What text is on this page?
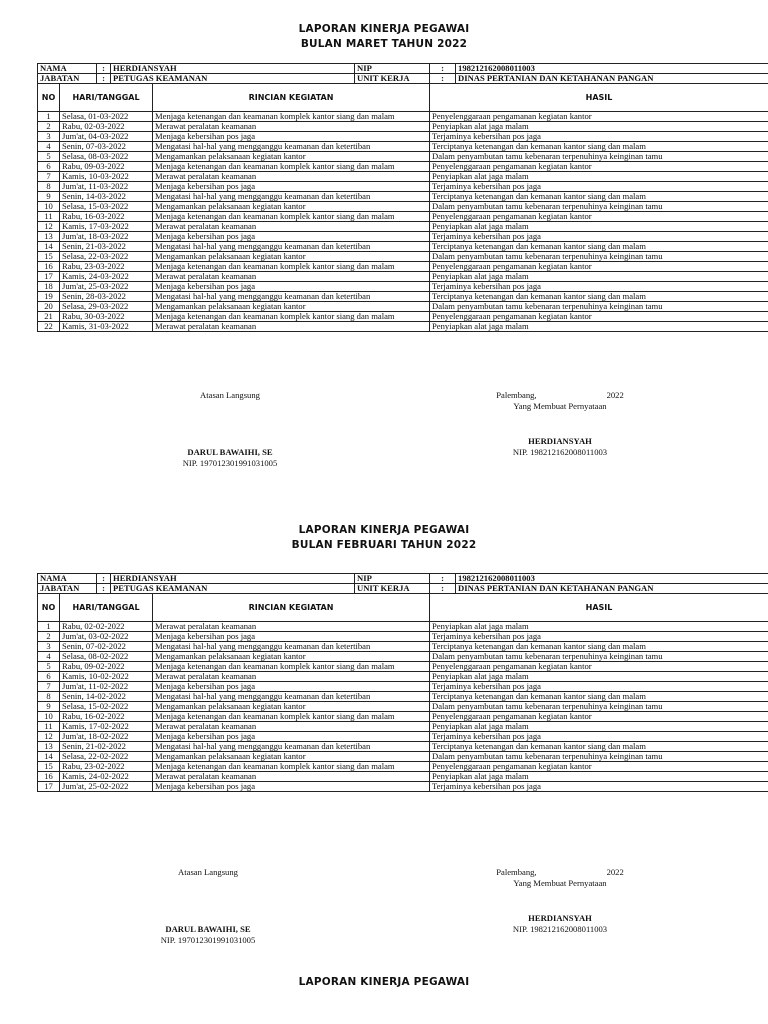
LAPORAN KINERJA PEGAWAI
BULAN MARET TAHUN 2022
NAMA		:	HERDIANSYAH		NIP	:	198212162008011003
JABATAN		:	PETUGAS KEAMANAN		UNIT KERJA	:	DINAS PERTANIAN DAN KETAHANAN PANGAN
NO	HARI/TANGGAL			RINCIAN KEGIATAN		HASIL	
1	Selasa, 01-03-2022			Menjaga ketenangan dan keamanan komplek kantor siang dan malam		Penyelenggaraan pengamanan kegiatan kantor	
2	Rabu, 02-03-2022			Merawat peralatan keamanan		Penyiapkan alat jaga malam	
3	Jum'at, 04-03-2022			Menjaga kebersihan pos jaga		Terjaminya kebersihan pos jaga	
4	Senin, 07-03-2022			Mengatasi hal-hal yang mengganggu keamanan dan ketertiban		Terciptanya ketenangan dan kemanan kantor siang dan malam	
5	Selasa, 08-03-2022			Mengamankan pelaksanaan kegiatan kantor		Dalam penyambutan tamu kebenaran terpenuhinya keinginan tamu	
6	Rabu, 09-03-2022			Menjaga ketenangan dan keamanan komplek kantor siang dan malam		Penyelenggaraan pengamanan kegiatan kantor	
7	Kamis, 10-03-2022			Merawat peralatan keamanan		Penyiapkan alat jaga malam	
8	Jum'at, 11-03-2022			Menjaga kebersihan pos jaga		Terjaminya kebersihan pos jaga	
9	Senin, 14-03-2022			Mengatasi hal-hal yang mengganggu keamanan dan ketertiban		Terciptanya ketenangan dan kemanan kantor siang dan malam	
10	Selasa, 15-03-2022			Mengamankan pelaksanaan kegiatan kantor		Dalam penyambutan tamu kebenaran terpenuhinya keinginan tamu	
11	Rabu, 16-03-2022			Menjaga ketenangan dan keamanan komplek kantor siang dan malam		Penyelenggaraan pengamanan kegiatan kantor	
12	Kamis, 17-03-2022			Merawat peralatan keamanan		Penyiapkan alat jaga malam	
13	Jum'at, 18-03-2022			Menjaga kebersihan pos jaga		Terjaminya kebersihan pos jaga	
14	Senin, 21-03-2022			Mengatasi hal-hal yang mengganggu keamanan dan ketertiban		Terciptanya ketenangan dan kemanan kantor siang dan malam	
15	Selasa, 22-03-2022			Mengamankan pelaksanaan kegiatan kantor		Dalam penyambutan tamu kebenaran terpenuhinya keinginan tamu	
16	Rabu, 23-03-2022			Menjaga ketenangan dan keamanan komplek kantor siang dan malam		Penyelenggaraan pengamanan kegiatan kantor	
17	Kamis, 24-03-2022			Merawat peralatan keamanan		Penyiapkan alat jaga malam	
18	Jum'at, 25-03-2022			Menjaga kebersihan pos jaga		Terjaminya kebersihan pos jaga	
19	Senin, 28-03-2022			Mengatasi hal-hal yang mengganggu keamanan dan ketertiban		Terciptanya ketenangan dan kemanan kantor siang dan malam	
20	Selasa, 29-03-2022			Mengamankan pelaksanaan kegiatan kantor		Dalam penyambutan tamu kebenaran terpenuhinya keinginan tamu	
21	Rabu, 30-03-2022			Menjaga ketenangan dan keamanan komplek kantor siang dan malam		Penyelenggaraan pengamanan kegiatan kantor	
22	Kamis, 31-03-2022			Merawat peralatan keamanan		Penyiapkan alat jaga malam	
Atasan Langsung
DARUL BAWAIHI, SE
NIP. 197012301991031005
Palembang,	2022
Yang Membuat Pernyataan
HERDIANSYAH
NIP. 198212162008011003
LAPORAN KINERJA PEGAWAI
BULAN FEBRUARI TAHUN 2022
NAMA		:	HERDIANSYAH		NIP	:	198212162008011003
JABATAN		:	PETUGAS KEAMANAN		UNIT KERJA	:	DINAS PERTANIAN DAN KETAHANAN PANGAN
NO	HARI/TANGGAL			RINCIAN KEGIATAN		HASIL	
1	Rabu, 02-02-2022			Merawat peralatan keamanan		Penyiapkan alat jaga malam	
2	Jum'at, 03-02-2022			Menjaga kebersihan pos jaga		Terjaminya kebersihan pos jaga	
3	Senin, 07-02-2022			Mengatasi hal-hal yang mengganggu keamanan dan ketertiban		Terciptanya ketenangan dan kemanan kantor siang dan malam	
4	Selasa, 08-02-2022			Mengamankan pelaksanaan kegiatan kantor		Dalam penyambutan tamu kebenaran terpenuhinya keinginan tamu	
5	Rabu, 09-02-2022			Menjaga ketenangan dan keamanan komplek kantor siang dan malam		Penyelenggaraan pengamanan kegiatan kantor	
6	Kamis, 10-02-2022			Merawat peralatan keamanan		Penyiapkan alat jaga malam	
7	Jum'at, 11-02-2022			Menjaga kebersihan pos jaga		Terjaminya kebersihan pos jaga	
8	Senin, 14-02-2022			Mengatasi hal-hal yang mengganggu keamanan dan ketertiban		Terciptanya ketenangan dan kemanan kantor siang dan malam	
9	Selasa, 15-02-2022			Mengamankan pelaksanaan kegiatan kantor		Dalam penyambutan tamu kebenaran terpenuhinya keinginan tamu	
10	Rabu, 16-02-2022			Menjaga ketenangan dan keamanan komplek kantor siang dan malam		Penyelenggaraan pengamanan kegiatan kantor	
11	Kamis, 17-02-2022			Merawat peralatan keamanan		Penyiapkan alat jaga malam	
12	Jum'at, 18-02-2022			Menjaga kebersihan pos jaga		Terjaminya kebersihan pos jaga	
13	Senin, 21-02-2022			Mengatasi hal-hal yang mengganggu keamanan dan ketertiban		Terciptanya ketenangan dan kemanan kantor siang dan malam	
14	Selasa, 22-02-2022			Mengamankan pelaksanaan kegiatan kantor		Dalam penyambutan tamu kebenaran terpenuhinya keinginan tamu	
15	Rabu, 23-02-2022			Menjaga ketenangan dan keamanan komplek kantor siang dan malam		Penyelenggaraan pengamanan kegiatan kantor	
16	Kamis, 24-02-2022			Merawat peralatan keamanan		Penyiapkan alat jaga malam	
17	Jum'at, 25-02-2022			Menjaga kebersihan pos jaga		Terjaminya kebersihan pos jaga	
Atasan Langsung
DARUL BAWAIHI, SE
NIP. 197012301991031005
Palembang,	2022
Yang Membuat Pernyataan
HERDIANSYAH
NIP. 198212162008011003
LAPORAN KINERJA PEGAWAI
